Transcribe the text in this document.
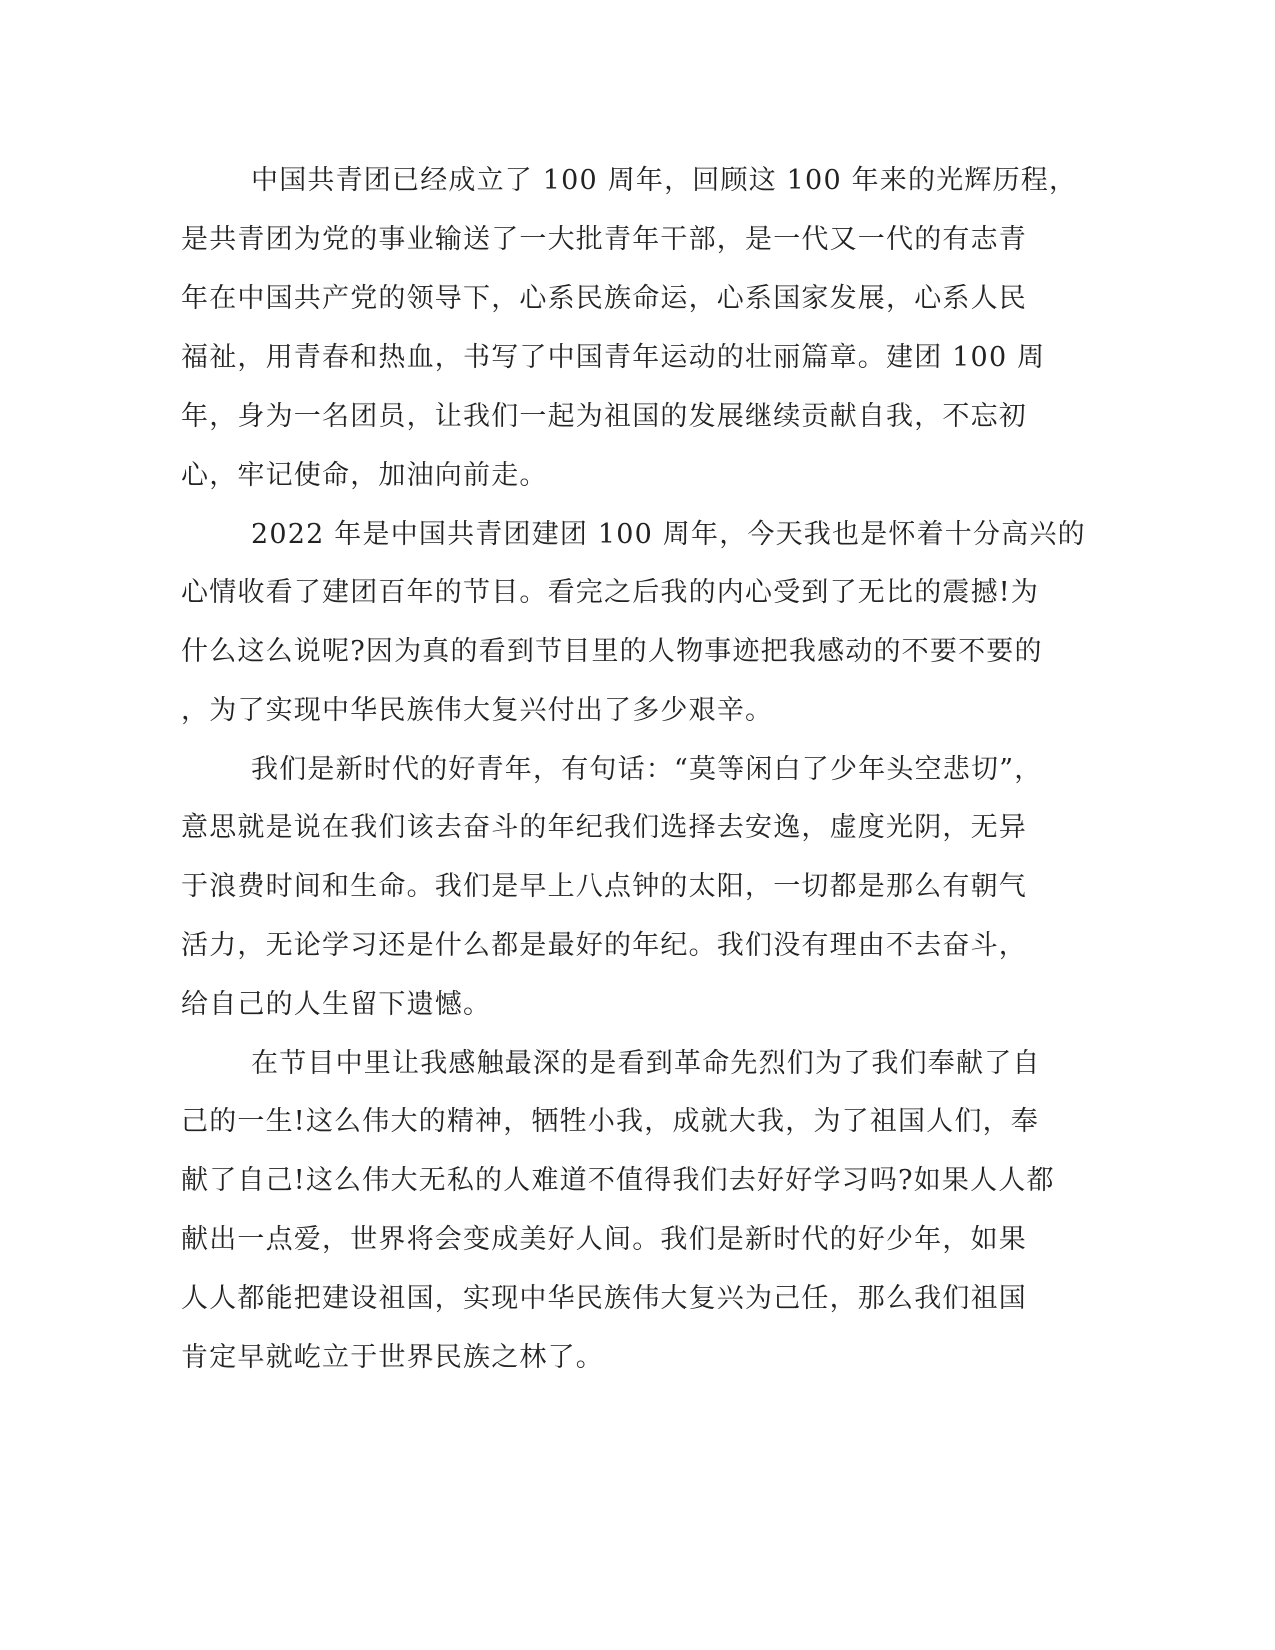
中国共青团已经成立了 100 周年，回顾这 100 年来的光辉历程，
是共青团为党的事业输送了一大批青年干部，是一代又一代的有志青
年在中国共产党的领导下，心系民族命运，心系国家发展，心系人民
福祉，用青春和热血，书写了中国青年运动的壮丽篇章。建团 100 周
年，身为一名团员，让我们一起为祖国的发展继续贡献自我，不忘初
心，牢记使命，加油向前走。
2022 年是中国共青团建团 100 周年，今天我也是怀着十分高兴的
心情收看了建团百年的节目。看完之后我的内心受到了无比的震撼!为
什么这么说呢?因为真的看到节目里的人物事迹把我感动的不要不要的
，为了实现中华民族伟大复兴付出了多少艰辛。
我们是新时代的好青年，有句话：“莫等闲白了少年头空悲切”，
意思就是说在我们该去奋斗的年纪我们选择去安逸，虚度光阴，无异
于浪费时间和生命。我们是早上八点钟的太阳，一切都是那么有朝气
活力，无论学习还是什么都是最好的年纪。我们没有理由不去奋斗，
给自己的人生留下遗憾。
在节目中里让我感触最深的是看到革命先烈们为了我们奉献了自
己的一生!这么伟大的精神，牺牲小我，成就大我，为了祖国人们，奉
献了自己!这么伟大无私的人难道不值得我们去好好学习吗?如果人人都
献出一点爱，世界将会变成美好人间。我们是新时代的好少年，如果
人人都能把建设祖国，实现中华民族伟大复兴为己任，那么我们祖国
肯定早就屹立于世界民族之林了。
